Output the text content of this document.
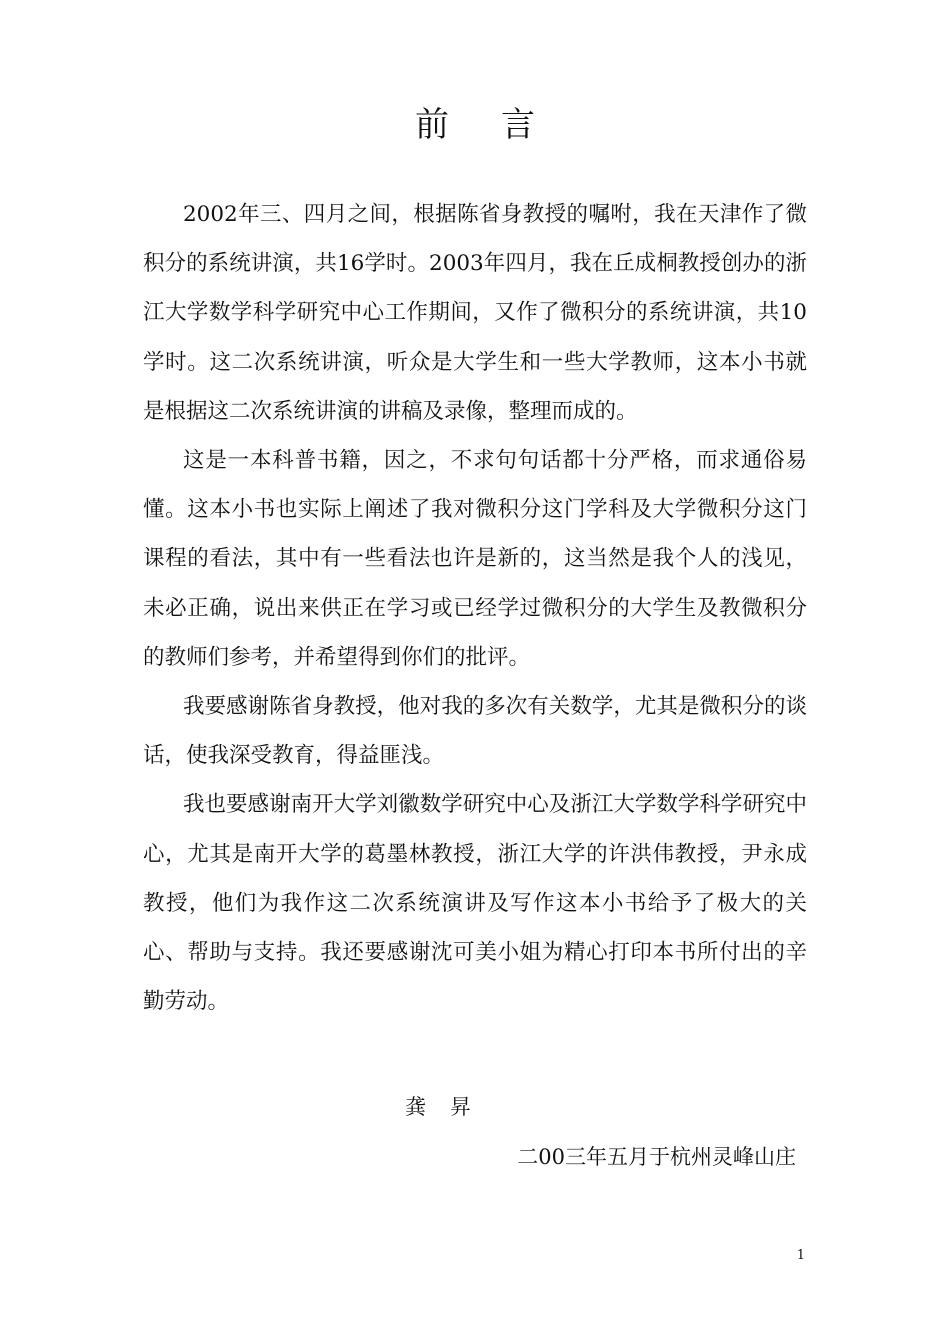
前言

2002年三、四月之间，根据陈省身教授的嘱咐，我在天津作了微积分的系统讲演，共16学时。2003年四月，我在丘成桐教授创办的浙江大学数学科学研究中心工作期间，又作了微积分的系统讲演，共10 学时。这二次系统讲演，听众是大学生和一些大学教师，这本小书就是根据这二次系统讲演的讲稿及录像，整理而成的。

这是一本科普书籍，因之，不求句句话都十分严格，而求通俗易懂。这本小书也实际上阐述了我对微积分这门学科及大学微积分这门课程的看法，其中有一些看法也许是新的，这当然是我个人的浅见，未必正确，说出来供正在学习或已经学过微积分的大学生及教微积分的教师们参考，并希望得到你们的批评。

我要感谢陈省身教授，他对我的多次有关数学，尤其是微积分的谈话，使我深受教育，得益匪浅。

我也要感谢南开大学刘徽数学研究中心及浙江大学数学科学研究中心，尤其是南开大学的葛墨林教授，浙江大学的许洪伟教授，尹永成教授，他们为我作这二次系统演讲及写作这本小书给予了极大的关心、帮助与支持。我还要感谢沈可美小姐为精心打印本书所付出的辛勤劳动。

龚昇
二00三年五月于杭州灵峰山庄
1
